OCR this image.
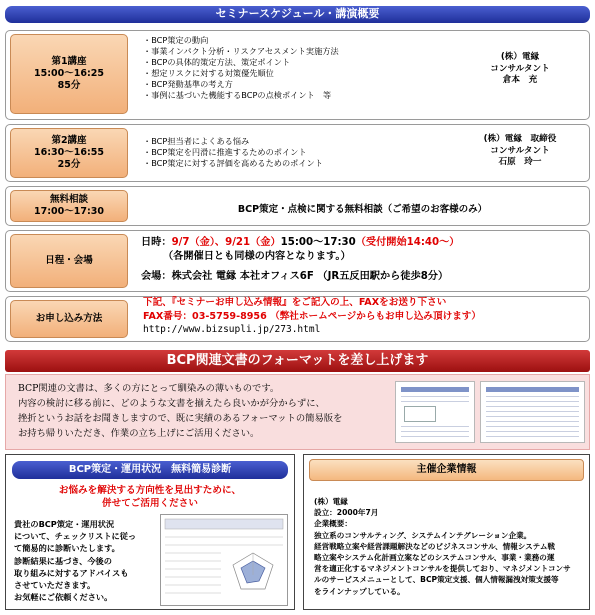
セミナースケジュール・講演概要
第1講座
15:00～16:25
85分
・BCP策定の動向
・事業インパクト分析・リスクアセスメント実施方法
・BCPの具体的策定方法、策定ポイント
・想定リスクに対する対策優先順位
・BCP発動基準の考え方
・事例に基づいた機能するBCPの点検ポイント　等
(株）電縁
コンサルタント
倉本　充
第2講座
16:30～16:55
25分
・BCP担当者によくある悩み
・BCP策定を円滑に推進するためのポイント
・BCP策定に対する評価を高めるためのポイント
(株）電縁　取締役
コンサルタント
石原　玲一
無料相談
17:00～17:30	BCP策定・点検に関する無料相談（ご希望のお客様のみ）
日程・会場
日時：9/7（金）、9/21（金）15:00～17:30（受付開始14:40～）
（各開催日とも同様の内容となります。）
会場：株式会社 電縁 本社オフィス6F （JR五反田駅から徒歩8分）
お申し込み方法
下記、『セミナーお申し込み情報』をご記入の上、FAXをお送り下さい
FAX番号：03-5759-8956 （弊社ホームページからもお申し込み頂けます）
http://www.bizsupli.jp/273.html
BCP関連文書のフォーマットを差し上げます
BCP関連の文書は、多くの方にとって馴染みの薄いものです。
内容の検討に移る前に、どのような文書を揃えたら良いかが分からずに、
挫折というお話をお聞きしますので、既に実績のあるフォーマットの簡易版を
お持ち帰りいただき、作業の立ち上げにご活用ください。
BCP策定・運用状況　無料簡易診断
お悩みを解決する方向性を見出すために、
併せてご活用ください
貴社のBCP策定・運用状況
について、チェックリストに従っ
て簡易的に診断いたします。
診断結果に基づき、今後の
取り組みに対するアドバイスも
させていただきます。
お気軽にご依頼ください。
主催企業情報
(株）電縁
設立：2000年7月
企業概要：
独立系のコンサルティング、システムインテグレーション企業。
経営戦略立案や経営課題解決などのビジネスコンサル、情報システム戦
略立案やシステム化計画立案などのシステムコンサル、事業・業務の運
営を適正化するマネジメントコンサルを提供しており、マネジメントコンサ
ルのサービスメニューとして、BCP策定支援、個人情報漏洩対策支援等
をラインナップしている。
